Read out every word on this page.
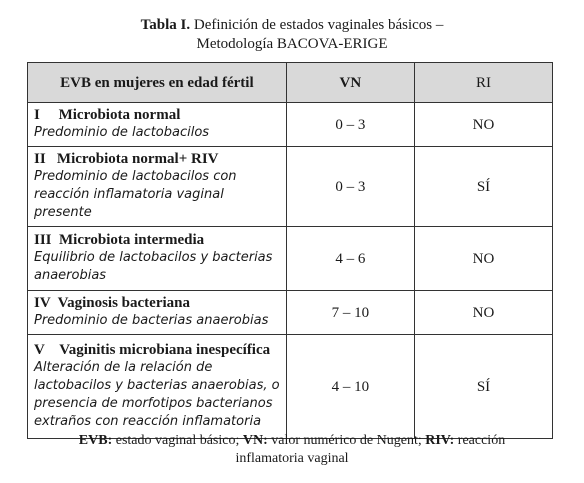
Tabla I. Definición de estados vaginales básicos –
Metodología BACOVA-ERIGE
EVB en mujeres en edad fértil	VN	RI
I     Microbiota normal
Predominio de lactobacilos	0 – 3	NO
II   Microbiota normal+ RIV
Predominio de lactobacilos con reacción inflamatoria vaginal presente	0 – 3	SÍ
III  Microbiota intermedia
Equilibrio de lactobacilos y bacterias anaerobias	4 – 6	NO
IV  Vaginosis bacteriana
Predominio de bacterias anaerobias	7 – 10	NO
V    Vaginitis microbiana inespecífica
Alteración de la relación de lactobacilos y bacterias anaerobias, o presencia de morfotipos bacterianos extraños con reacción inflamatoria	4 – 10	SÍ
EVB: estado vaginal básico; VN: valor numérico de Nugent; RIV: reacción
inflamatoria vaginal
